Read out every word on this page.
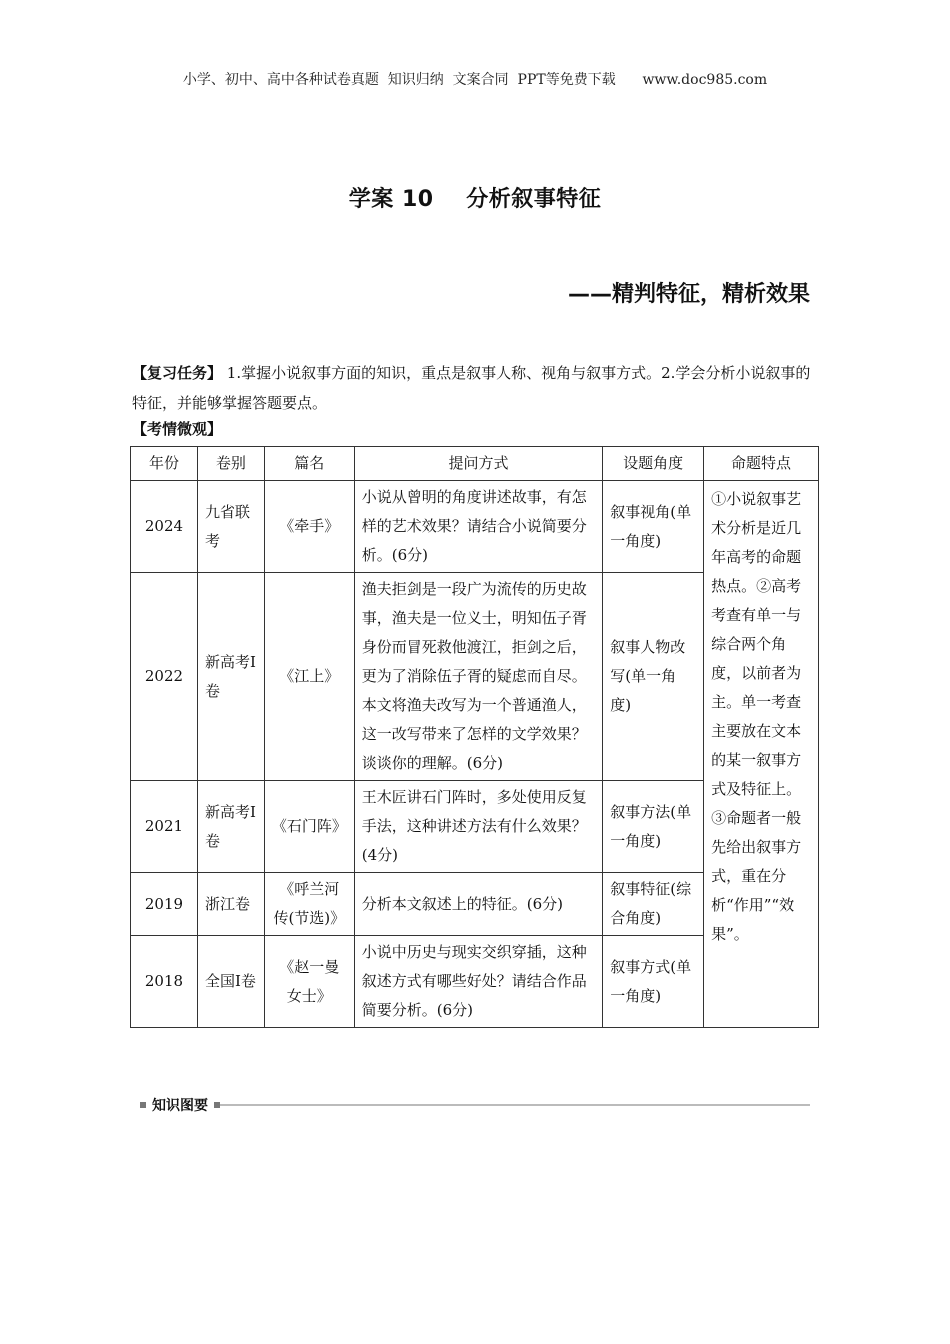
小学、初中、高中各种试卷真题  知识归纳  文案合同  PPT等免费下载      www.doc985.com
学案 10    分析叙事特征
——精判特征，精析效果
【复习任务】 1.掌握小说叙事方面的知识，重点是叙事人称、视角与叙事方式。2.学会分析小说叙事的特征，并能够掌握答题要点。
【考情微观】
年份	卷别	篇名	提问方式	设题角度	命题特点
2024	九省联考	《牵手》	小说从曾明的角度讲述故事，有怎样的艺术效果？请结合小说简要分析。(6分)	叙事视角(单一角度)	①小说叙事艺术分析是近几年高考的命题热点。②高考考查有单一与综合两个角度，以前者为主。单一考查主要放在文本的某一叙事方式及特征上。③命题者一般先给出叙事方式，重在分析“作用”“效果”。
2022	新高考Ⅰ卷	《江上》	渔夫拒剑是一段广为流传的历史故事，渔夫是一位义士，明知伍子胥身份而冒死救他渡江，拒剑之后，更为了消除伍子胥的疑虑而自尽。本文将渔夫改写为一个普通渔人，这一改写带来了怎样的文学效果？谈谈你的理解。(6分)	叙事人物改写(单一角度)	
2021	新高考Ⅰ卷	《石门阵》	王木匠讲石门阵时，多处使用反复手法，这种讲述方法有什么效果？(4分)	叙事方法(单一角度)	
2019	浙江卷	《呼兰河传(节选)》	分析本文叙述上的特征。(6分)	叙事特征(综合角度)	
2018	全国Ⅰ卷	《赵一曼女士》	小说中历史与现实交织穿插，这种叙述方式有哪些好处？请结合作品简要分析。(6分)	叙事方式(单一角度)	
知识图要
